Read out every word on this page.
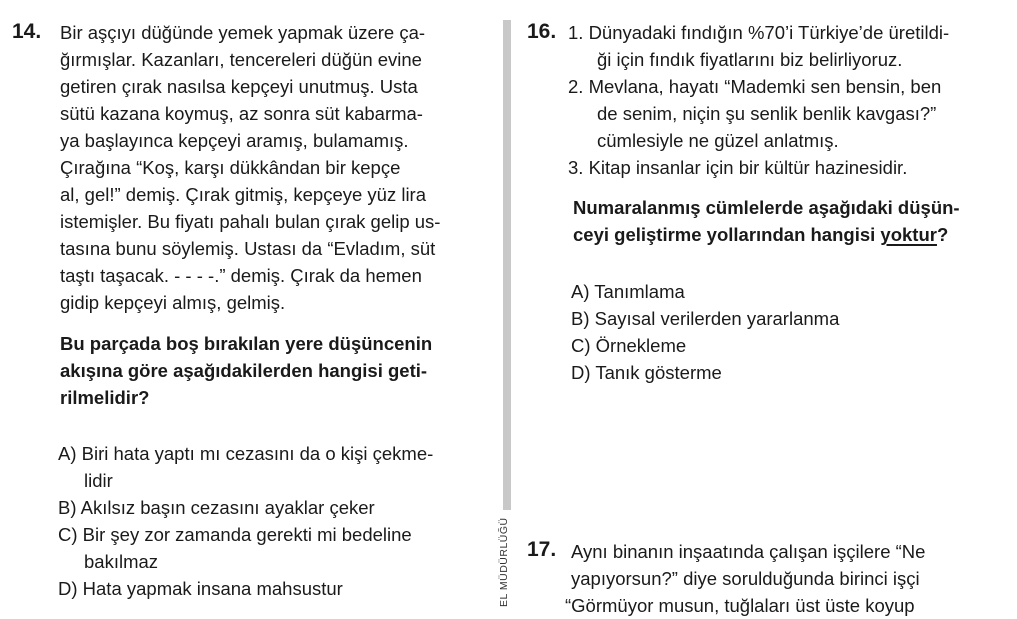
14. Bir aşçıyı düğünde yemek yapmak üzere ça-
ğırmışlar. Kazanları, tencereleri düğün evine
getiren çırak nasılsa kepçeyi unutmuş. Usta
sütü kazana koymuş, az sonra süt kabarma-
ya başlayınca kepçeyi aramış, bulamamış.
Çırağına “Koş, karşı dükkândan bir kepçe
al, gel!” demiş. Çırak gitmiş, kepçeye yüz lira
istemişler. Bu fiyatı pahalı bulan çırak gelip us-
tasına bunu söylemiş. Ustası da “Evladım, süt
taştı taşacak. - - - -.” demiş. Çırak da hemen
gidip kepçeyi almış, gelmiş.
Bu parçada boş bırakılan yere düşüncenin
akışına göre aşağıdakilerden hangisi geti-
rilmelidir?
A) Biri hata yaptı mı cezasını da o kişi çekme-
lidir
B) Akılsız başın cezasını ayaklar çeker
C) Bir şey zor zamanda gerekti mi bedeline
bakılmaz
D) Hata yapmak insana mahsustur	EL MÜDÜRLÜĞÜ
16. 1. Dünyadaki fındığın %70’i Türkiye’de üretildi-
ği için fındık fiyatlarını biz belirliyoruz.
2. Mevlana, hayatı “Mademki sen bensin, ben
de senim, niçin şu senlik benlik kavgası?”
cümlesiyle ne güzel anlatmış.
3. Kitap insanlar için bir kültür hazinesidir.
Numaralanmış cümlelerde aşağıdaki düşün-
ceyi geliştirme yollarından hangisi yoktur?
A) Tanımlama
B) Sayısal verilerden yararlanma
C) Örnekleme
D) Tanık gösterme
17. Aynı binanın inşaatında çalışan işçilere “Ne
yapıyorsun?” diye sorulduğunda birinci işçi
“Görmüyor musun, tuğlaları üst üste koyup
